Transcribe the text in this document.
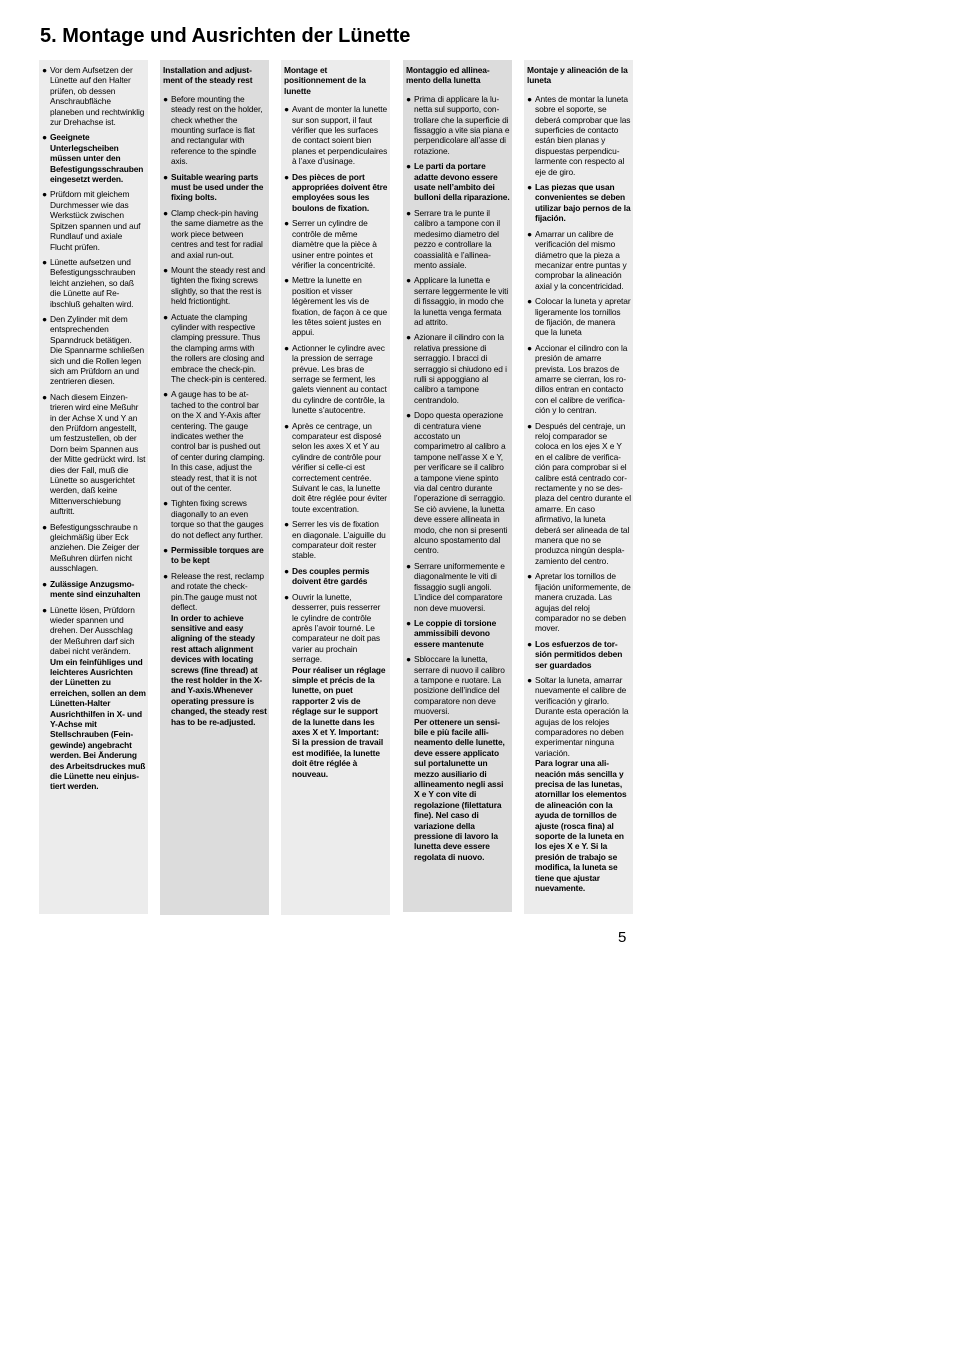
5. Montage und Ausrichten der Lünette
● Vor dem Aufsetzen der Lünette auf den Halter prüfen, ob dessen Anschraubfläche planeben und rechtwinklig zur Drehachse ist.

● Geeignete Unterlegscheiben müssen unter den Befestigungsschrauben eingesetzt werden.

● Prüfdorn mit gleichem Durchmesser wie das Werkstück zwischen Spitzen spannen und auf Rundlauf und axiale Flucht prüfen.

● Lünette aufsetzen und Befestigungsschrauben leicht anziehen, so daß die Lünette auf Reibschluß gehalten wird.

● Den Zylinder mit dem entsprechenden Spanndruck betätigen. Die Spannarme schließen sich und die Rollen legen sich am Prüfdorn an und zentrieren diesen.

● Nach diesem Einzentrieren wird eine Meßuhr in der Achse X und Y an den Prüfdorn angestellt, um festzustellen, ob der Dorn beim Spannen aus der Mitte gedrückt wird. Ist dies der Fall, muß die Lünette so ausgerichtet werden, daß keine Mittenverschiebung auftritt.

● Befestigungsschraube n gleichmäßig über Eck anziehen. Die Zeiger der Meßuhren dürfen nicht ausschlagen.

● Zulässige Anzugsmomente sind einzuhalten

● Lünette lösen, Prüfdorn wieder spannen und drehen. Der Ausschlag der Meßuhren darf sich dabei nicht verändern.

Um ein feinfühliges und leichteres Ausrichten der Lünetten zu erreichen, sollen an dem Lünetten-Halter Ausrichthilfen in X- und Y-Achse mit Stellschrauben (Feingewinde) angebracht werden. Bei Änderung des Arbeitsdruckes muß die Lünette neu einjustiert werden.

Installation and adjustment of the steady rest
● Before mounting the steady rest on the holder, check whether the mounting surface is flat and rectangular with reference to the spindle axis.

● Suitable wearing parts must be used under the fixing bolts.

● Clamp check-pin having the same diametre as the work piece between centres and test for radial and axial run-out.

● Mount the steady rest and tighten the fixing screws slightly, so that the rest is held frictiontight.

● Actuate the clamping cylinder with respective clamping pressure. Thus the clamping arms with the rollers are closing and embrace the check-pin. The check-pin is centered.

● A gauge has to be attached to the control bar on the X and Y-Axis after centering. The gauge indicates wether the control bar is pushed out of center during clamping. In this case, adjust the steady rest, that it is not out of the center.

● Tighten fixing screws diagonally to an even torque so that the gauges do not deflect any further.

● Permissible torques are to be kept

● Release the rest, reclamp and rotate the check-pin.The gauge must not deflect.

In order to achieve sensitive and easy aligning of the steady rest attach alignment devices with locating screws (fine thread) at the rest holder in the X- and Y-axis.Whenever operating pressure is changed, the steady rest has to be re-adjusted.

Montage et positionnement de la lunette
● Avant de monter la lunette sur son support, il faut vérifier que les surfaces de contact soient bien planes et perpendiculaires à l’axe d’usinage.

● Des pièces de port appropriées doivent être employées sous les boulons de fixation.

● Serrer un cylindre de contrôle de même diamètre que la pièce à usiner entre pointes et vérifier la concentricité.

● Mettre la lunette en position et visser légèrement les vis de fixation, de façon à ce que les têtes soient justes en appui.

● Actionner le cylindre avec la pression de serrage prévue. Les bras de serrage se ferment, les galets viennent au contact du cylindre de contrôle, la lunette s’autocentre.

● Après ce centrage, un comparateur est disposé selon les axes X et Y au cylindre de contrôle pour vérifier si celle-ci est correctement centrée. Suivant le cas, la lunette doit être réglée pour éviter toute excentration.

● Serrer les vis de fixation en diagonale. L’aiguille du comparateur doit rester stable.

● Des couples permis doivent être gardés

● Ouvrir la lunette, desserrer, puis resserrer le cylindre de contrôle après l’avoir tourné. Le comparateur ne doit pas varier au prochain serrage.

Pour réaliser un réglage simple et précis de la lunette, on puet rapporter 2 vis de réglage sur le support de la lunette dans les axes X et Y. Important: Si la pression de travail est modifiée, la lunette doit être réglée à nouveau.

Montaggio ed allineamento della lunetta
● Prima di applicare la lunetta sul supporto, controllare che la superficie di fissaggio a vite sia piana e perpendicolare all’asse di rotazione.

● Le parti da portare adatte devono essere usate nell’ambito dei bulloni della riparazione.

● Serrare tra le punte il calibro a tampone con il medesimo diametro del pezzo e controllare la coassialità e l’allineamento assiale.

● Applicare la lunetta e serrare leggermente le viti di fissaggio, in modo che la lunetta venga fermata ad attrito.

● Azionare il cilindro con la relativa pressione di serraggio. I bracci di serraggio si chiudono ed i rulli si appoggiano al calibro a tampone centrandolo.

● Dopo questa operazione di centratura viene accostato un comparimetro al calibro a tampone nell’asse X e Y, per verificare se il calibro a tampone viene spinto via dal centro durante l’operazione di serraggio. Se ciò avviene, la lunetta deve essere allineata in modo, che non si presenti alcuno spostamento dal centro.

● Serrare uniformemente e diagonalmente le viti di fissaggio sugli angoli. L’indice del comparatore non deve muoversi.

● Le coppie di torsione ammissibili devono essere mantenute

● Sbloccare la lunetta, serrare di nuovo il calibro a tampone e ruotare. La posizione dell’indice del comparatore non deve muoversi.

Per ottenere un sensibile e più facile allineamento delle lunette, deve essere applicato sul portalunette un mezzo ausiliario di allineamento negli assi X e Y con vite di regolazione (filettatura fine). Nel caso di variazione della pressione di lavoro la lunetta deve essere regolata di nuovo.

Montaje y alineación de la luneta
● Antes de montar la luneta sobre el soporte, se deberá comprobar que las superficies de contacto están bien planas y dispuestas perpendicularmente con respecto al eje de giro.

● Las piezas que usan convenientes se deben utilizar bajo pernos de la fijación.

● Amarrar un calibre de verificación del mismo diámetro que la pieza a mecanizar entre puntas y comprobar la alineación axial y la concentricidad.

● Colocar la luneta y apretar ligeramente los tornillos de fijación, de manera que la luneta

● Accionar el cilindro con la presión de amarre prevista. Los brazos de amarre se cierran, los rodillos entran en contacto con el calibre de verificación y lo centran.

● Después del centraje, un reloj comparador se coloca en los ejes X e Y en el calibre de verificación para comprobar si el calibre está centrado correctamente y no se desplaza del centro durante el amarre. En caso afirmativo, la luneta deberá ser alineada de tal manera que no se produzca ningún desplazamiento del centro.

● Apretar los tornillos de fijación uniformemente, de manera cruzada. Las agujas del reloj comparador no se deben mover.

● Los esfuerzos de torsión permitidos deben ser guardados

● Soltar la luneta, amarrar nuevamente el calibre de verificación y girarlo. Durante esta operación la agujas de los relojes comparadores no deben experimentar ninguna variación.

Para lograr una alineación más sencilla y precisa de las lunetas, atornillar los elementos de alineación con la ayuda de tornillos de ajuste (rosca fina) al soporte de la luneta en los ejes X e Y. Si la presión de trabajo se modifica, la luneta se tiene que ajustar nuevamente.

5
